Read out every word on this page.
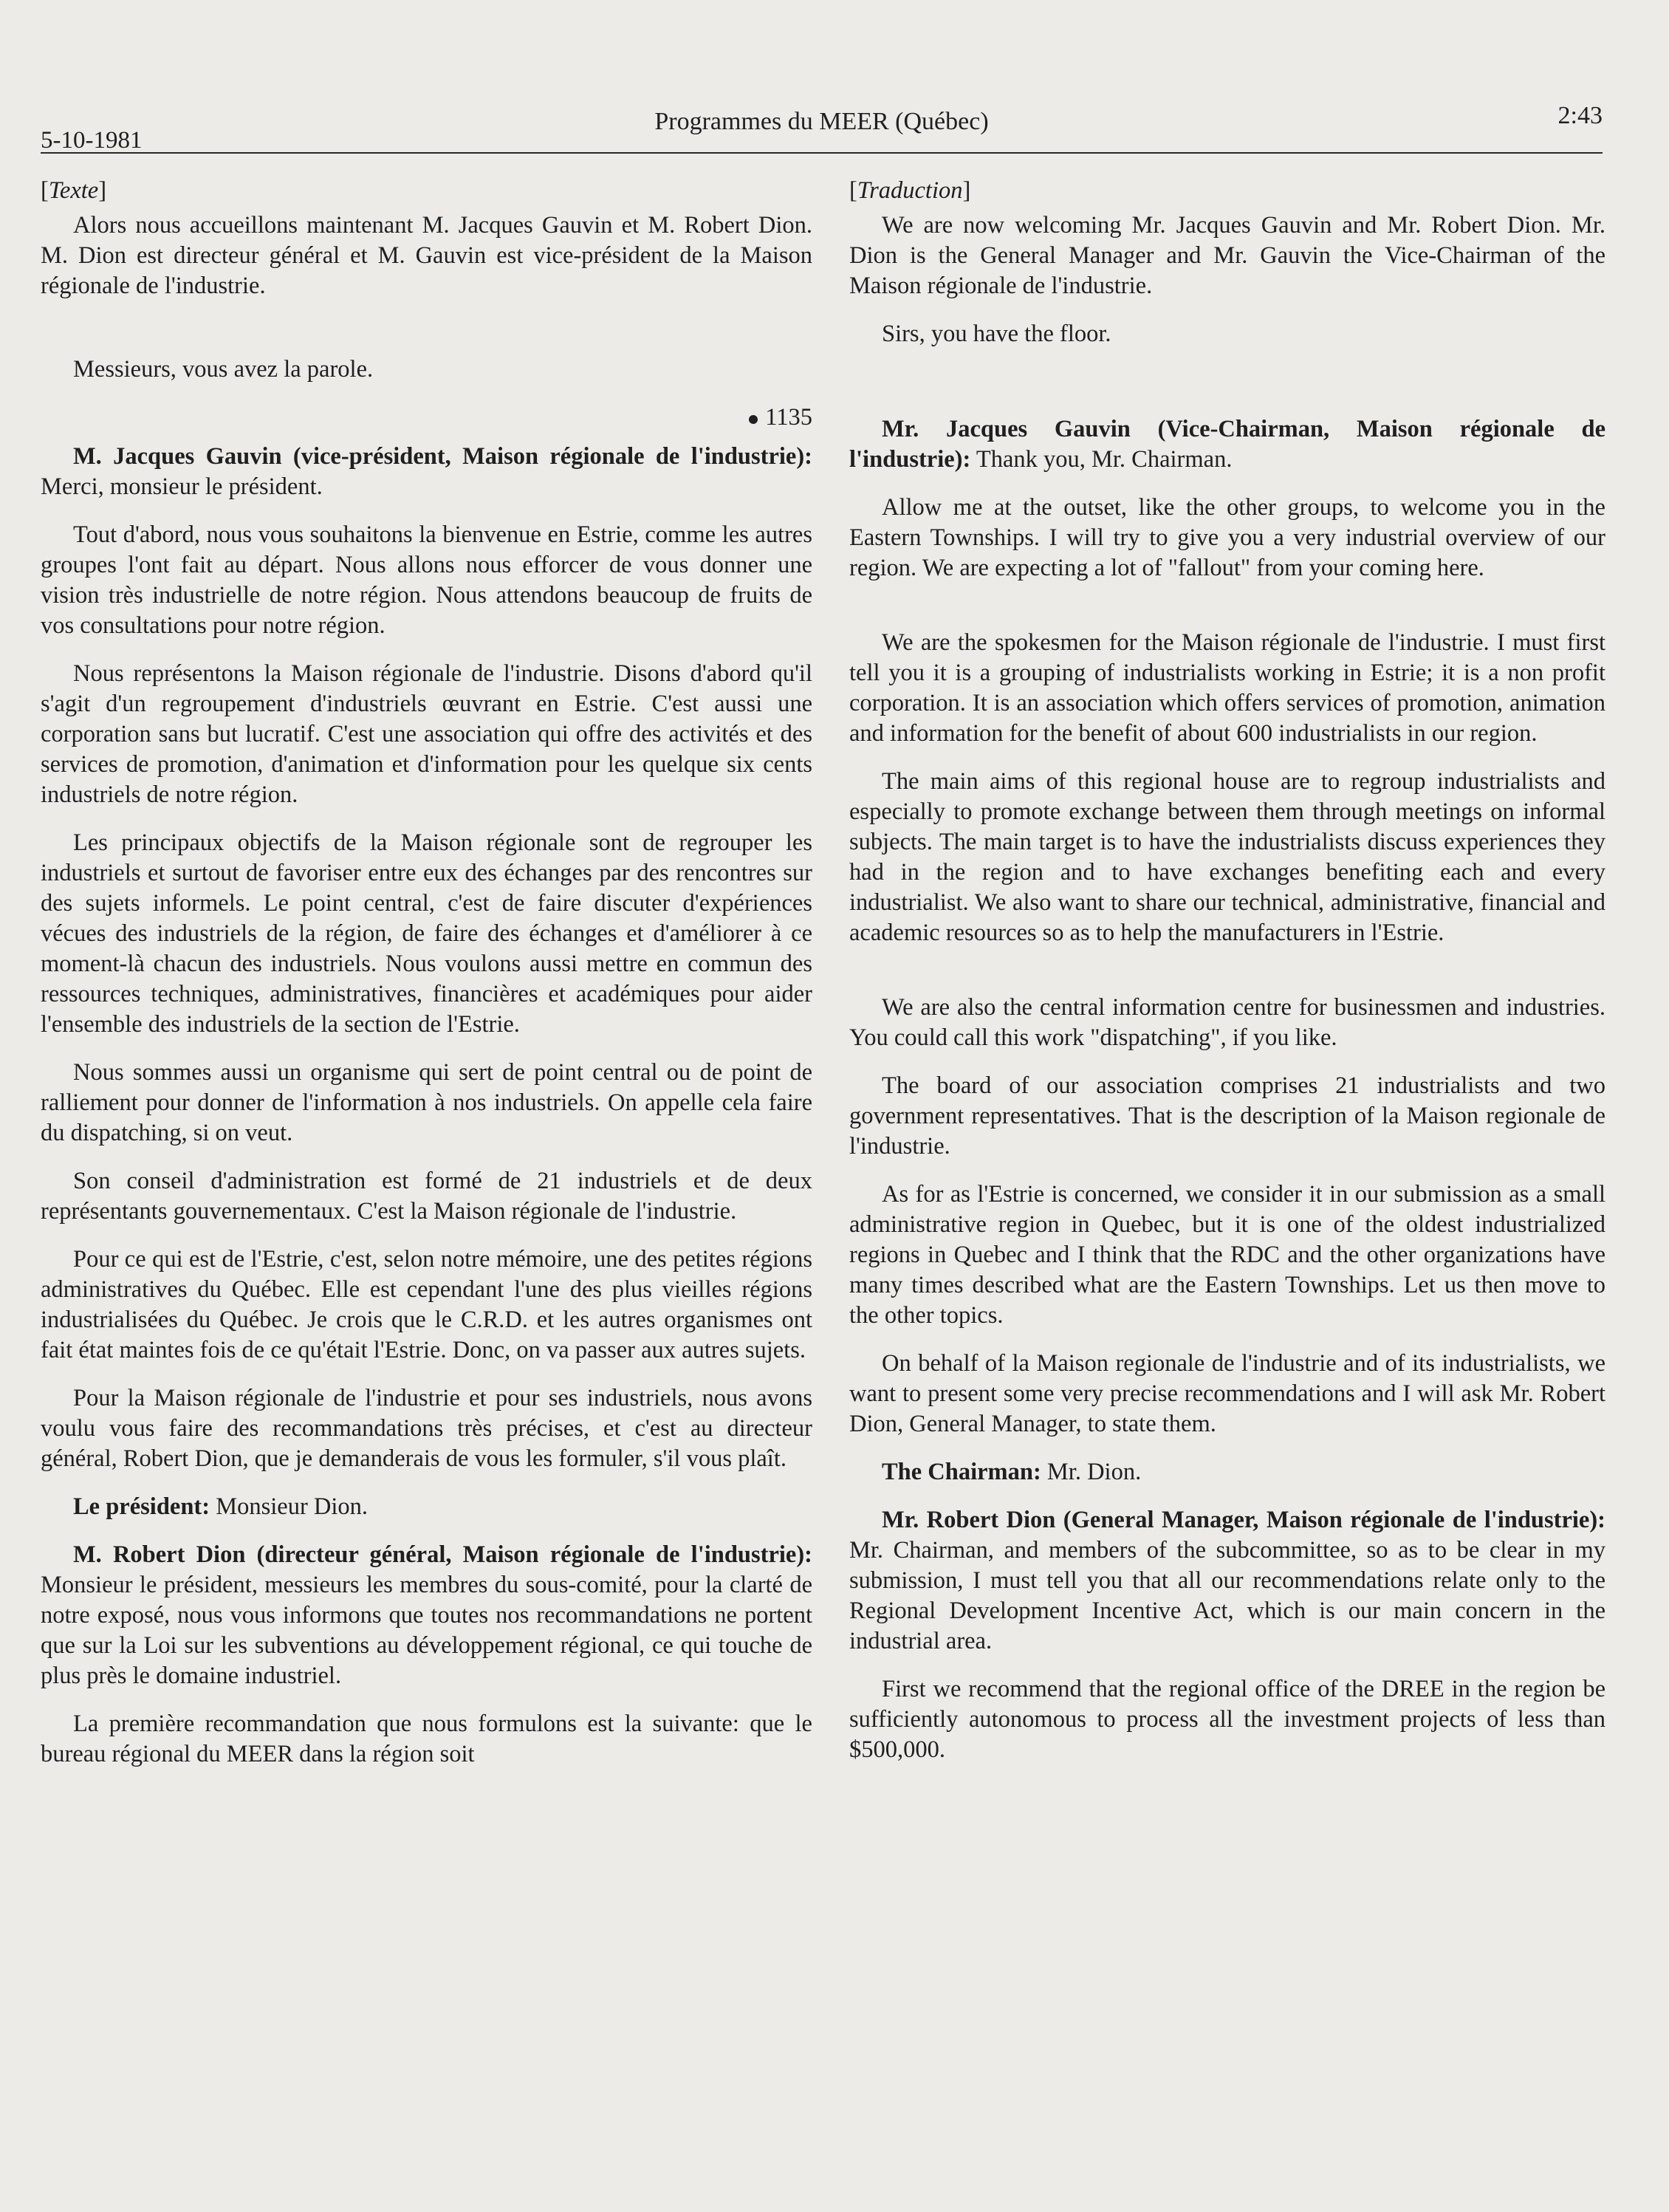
5-10-1981
Programmes du MEER (Québec)	2:43
[Texte]

Alors nous accueillons maintenant M. Jacques Gauvin et M. Robert Dion. M. Dion est directeur général et M. Gauvin est vice-président de la Maison régionale de l'industrie.

Messieurs, vous avez la parole.

1135

M. Jacques Gauvin (vice-président, Maison régionale de l'industrie): Merci, monsieur le président.

Tout d'abord, nous vous souhaitons la bienvenue en Estrie, comme les autres groupes l'ont fait au départ. Nous allons nous efforcer de vous donner une vision très industrielle de notre région. Nous attendons beaucoup de fruits de vos consultations pour notre région.

Nous représentons la Maison régionale de l'industrie. Disons d'abord qu'il s'agit d'un regroupement d'industriels œuvrant en Estrie. C'est aussi une corporation sans but lucratif. C'est une association qui offre des activités et des services de promotion, d'animation et d'information pour les quelque six cents industriels de notre région.

Les principaux objectifs de la Maison régionale sont de regrouper les industriels et surtout de favoriser entre eux des échanges par des rencontres sur des sujets informels. Le point central, c'est de faire discuter d'expériences vécues des industriels de la région, de faire des échanges et d'améliorer à ce moment-là chacun des industriels. Nous voulons aussi mettre en commun des ressources techniques, administratives, financières et académiques pour aider l'ensemble des industriels de la section de l'Estrie.

Nous sommes aussi un organisme qui sert de point central ou de point de ralliement pour donner de l'information à nos industriels. On appelle cela faire du dispatching, si on veut.

Son conseil d'administration est formé de 21 industriels et de deux représentants gouvernementaux. C'est la Maison régionale de l'industrie.

Pour ce qui est de l'Estrie, c'est, selon notre mémoire, une des petites régions administratives du Québec. Elle est cependant l'une des plus vieilles régions industrialisées du Québec. Je crois que le C.R.D. et les autres organismes ont fait état maintes fois de ce qu'était l'Estrie. Donc, on va passer aux autres sujets.

Pour la Maison régionale de l'industrie et pour ses industriels, nous avons voulu vous faire des recommandations très précises, et c'est au directeur général, Robert Dion, que je demanderais de vous les formuler, s'il vous plaît.

Le président: Monsieur Dion.

M. Robert Dion (directeur général, Maison régionale de l'industrie): Monsieur le président, messieurs les membres du sous-comité, pour la clarté de notre exposé, nous vous informons que toutes nos recommandations ne portent que sur la Loi sur les subventions au développement régional, ce qui touche de plus près le domaine industriel.

La première recommandation que nous formulons est la suivante: que le bureau régional du MEER dans la région soit

[Traduction]

We are now welcoming Mr. Jacques Gauvin and Mr. Robert Dion. Mr. Dion is the General Manager and Mr. Gauvin the Vice-Chairman of the Maison régionale de l'industrie.

Sirs, you have the floor.

Mr. Jacques Gauvin (Vice-Chairman, Maison régionale de l'industrie): Thank you, Mr. Chairman.

Allow me at the outset, like the other groups, to welcome you in the Eastern Townships. I will try to give you a very industrial overview of our region. We are expecting a lot of "fallout" from your coming here.

We are the spokesmen for the Maison régionale de l'industrie. I must first tell you it is a grouping of industrialists working in Estrie; it is a non profit corporation. It is an association which offers services of promotion, animation and information for the benefit of about 600 industrialists in our region.

The main aims of this regional house are to regroup industrialists and especially to promote exchange between them through meetings on informal subjects. The main target is to have the industrialists discuss experiences they had in the region and to have exchanges benefiting each and every industrialist. We also want to share our technical, administrative, financial and academic resources so as to help the manufacturers in l'Estrie.

We are also the central information centre for businessmen and industries. You could call this work "dispatching", if you like.

The board of our association comprises 21 industrialists and two government representatives. That is the description of la Maison regionale de l'industrie.

As for as l'Estrie is concerned, we consider it in our submission as a small administrative region in Quebec, but it is one of the oldest industrialized regions in Quebec and I think that the RDC and the other organizations have many times described what are the Eastern Townships. Let us then move to the other topics.

On behalf of la Maison regionale de l'industrie and of its industrialists, we want to present some very precise recommendations and I will ask Mr. Robert Dion, General Manager, to state them.

The Chairman: Mr. Dion.

Mr. Robert Dion (General Manager, Maison régionale de l'industrie): Mr. Chairman, and members of the subcommittee, so as to be clear in my submission, I must tell you that all our recommendations relate only to the Regional Development Incentive Act, which is our main concern in the industrial area.

First we recommend that the regional office of the DREE in the region be sufficiently autonomous to process all the investment projects of less than $500,000.
